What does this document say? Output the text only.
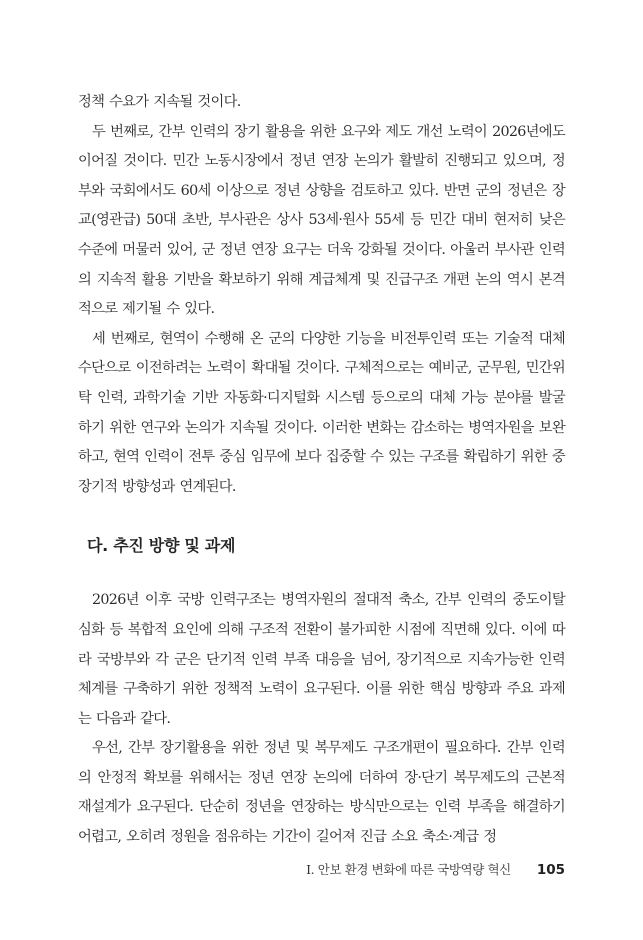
정책 수요가 지속될 것이다.

두 번째로, 간부 인력의 장기 활용을 위한 요구와 제도 개선 노력이 2026년에도 이어질 것이다. 민간 노동시장에서 정년 연장 논의가 활발히 진행되고 있으며, 정부와 국회에서도 60세 이상으로 정년 상향을 검토하고 있다. 반면 군의 정년은 장교(영관급) 50대 초반, 부사관은 상사 53세·원사 55세 등 민간 대비 현저히 낮은 수준에 머물러 있어, 군 정년 연장 요구는 더욱 강화될 것이다. 아울러 부사관 인력의 지속적 활용 기반을 확보하기 위해 계급체계 및 진급구조 개편 논의 역시 본격적으로 제기될 수 있다.

세 번째로, 현역이 수행해 온 군의 다양한 기능을 비전투인력 또는 기술적 대체 수단으로 이전하려는 노력이 확대될 것이다. 구체적으로는 예비군, 군무원, 민간위탁 인력, 과학기술 기반 자동화·디지털화 시스템 등으로의 대체 가능 분야를 발굴하기 위한 연구와 논의가 지속될 것이다. 이러한 변화는 감소하는 병역자원을 보완하고, 현역 인력이 전투 중심 임무에 보다 집중할 수 있는 구조를 확립하기 위한 중장기적 방향성과 연계된다.

다. 추진 방향 및 과제

2026년 이후 국방 인력구조는 병역자원의 절대적 축소, 간부 인력의 중도이탈 심화 등 복합적 요인에 의해 구조적 전환이 불가피한 시점에 직면해 있다. 이에 따라 국방부와 각 군은 단기적 인력 부족 대응을 넘어, 장기적으로 지속가능한 인력 체계를 구축하기 위한 정책적 노력이 요구된다. 이를 위한 핵심 방향과 주요 과제는 다음과 같다.

우선, 간부 장기활용을 위한 정년 및 복무제도 구조개편이 필요하다. 간부 인력의 안정적 확보를 위해서는 정년 연장 논의에 더하여 장·단기 복무제도의 근본적 재설계가 요구된다. 단순히 정년을 연장하는 방식만으로는 인력 부족을 해결하기 어렵고, 오히려 정원을 점유하는 기간이 길어져 진급 소요 축소·계급 정

I. 안보 환경 변화에 따른 국방역량 혁신 105
